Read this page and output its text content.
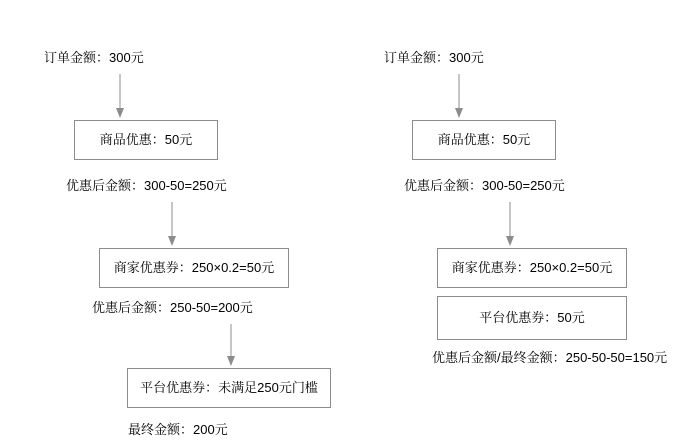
订单金额：300元
商品优惠：50元
优惠后金额：300-50=250元
商家优惠券：250×0.2=50元
优惠后金额：250-50=200元
平台优惠券：未满足250元门槛
最终金额：200元
订单金额：300元
商品优惠：50元
优惠后金额：300-50=250元
商家优惠券：250×0.2=50元
平台优惠券：50元
优惠后金额/最终金额：250-50-50=150元
